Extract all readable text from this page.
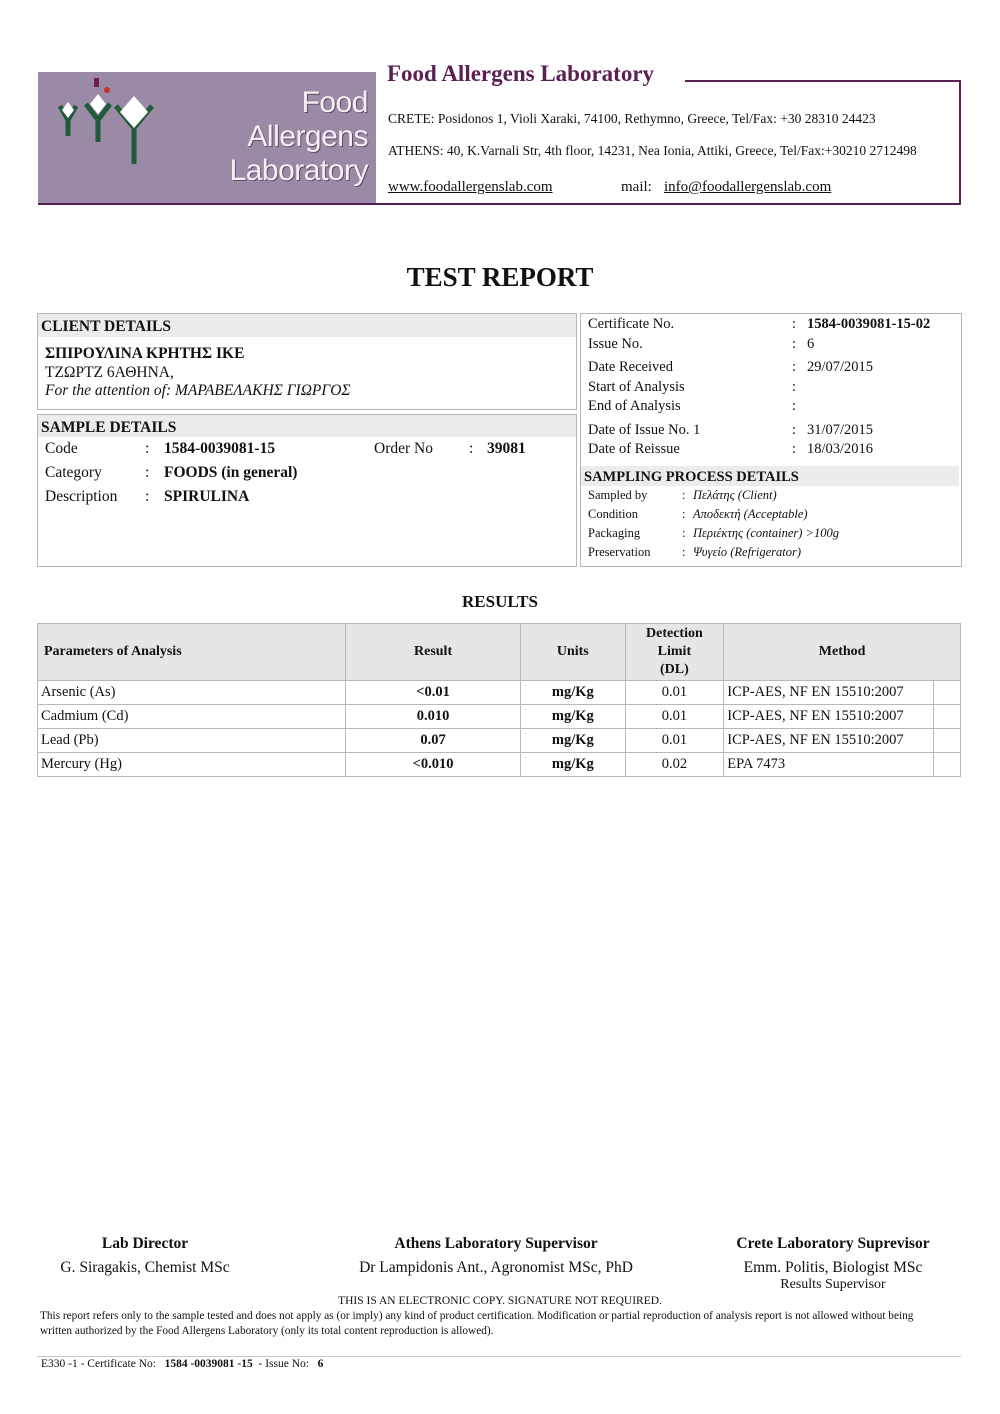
Food Allergens
Laboratory
Food Allergens Laboratory
CRETE: Posidonos 1, Violi Xaraki, 74100, Rethymno, Greece, Tel/Fax: +30 28310 24423
ATHENS: 40, K.Varnali Str, 4th floor, 14231, Nea Ionia, Attiki, Greece, Tel/Fax:+30210 2712498
www.foodallergenslab.com	mail: info@foodallergenslab.com
TEST REPORT
CLIENT DETAILS
ΣΠΙΡΟΥΛΙΝΑ ΚΡΗΤΗΣ ΙΚΕ
ΤΖΩΡΤΖ 6ΑΘΗΝΑ,
For the attention of: ΜΑΡΑΒΕΛΑΚΗΣ ΓΙΩΡΓΟΣ
SAMPLE DETAILS
Code	: 1584-0039081-15	Order No : 39081
Category	: FOODS (in general)
Description : SPIRULINA
Certificate No.	: 1584-0039081-15-02
Issue No.	: 6
Date Received	: 29/07/2015
Start of Analysis	:
End of Analysis	:
Date of Issue No. 1	: 31/07/2015
Date of Reissue	: 18/03/2016
SAMPLING PROCESS DETAILS
Sampled by	: Πελάτης (Client)
Condition	: Αποδεκτή (Acceptable)
Packaging	: Περιέκτης (container) >100g
Preservation	: Ψυγείο (Refrigerator)
RESULTS
Parameters of Analysis	Result	Units	Detection
Limit
(DL)	Method	
Arsenic (As)	<0.01	mg/Kg	0.01	ICP-AES, NF EN 15510:2007	
Cadmium (Cd)	0.010	mg/Kg	0.01	ICP-AES, NF EN 15510:2007	
Lead (Pb)	0.07	mg/Kg	0.01	ICP-AES, NF EN 15510:2007	
Mercury (Hg)	<0.010	mg/Kg	0.02	EPA 7473	
Lab Director
G. Siragakis, Chemist MSc
Athens Laboratory Supervisor
Dr Lampidonis Ant., Agronomist MSc, PhD
Crete Laboratory Suprevisor
Emm. Politis, Biologist MSc
Results Supervisor
THIS IS AN ELECTRONIC COPY. SIGNATURE NOT REQUIRED.
This report refers only to the sample tested and does not apply as (or imply) any kind of product certification. Modification or partial reproduction of analysis report is not allowed without being
written authorized by the Food Allergens Laboratory (only its total content reproduction is allowed).
E330 -1 - Certificate No: 1584 -0039081 -15 - Issue No: 6
